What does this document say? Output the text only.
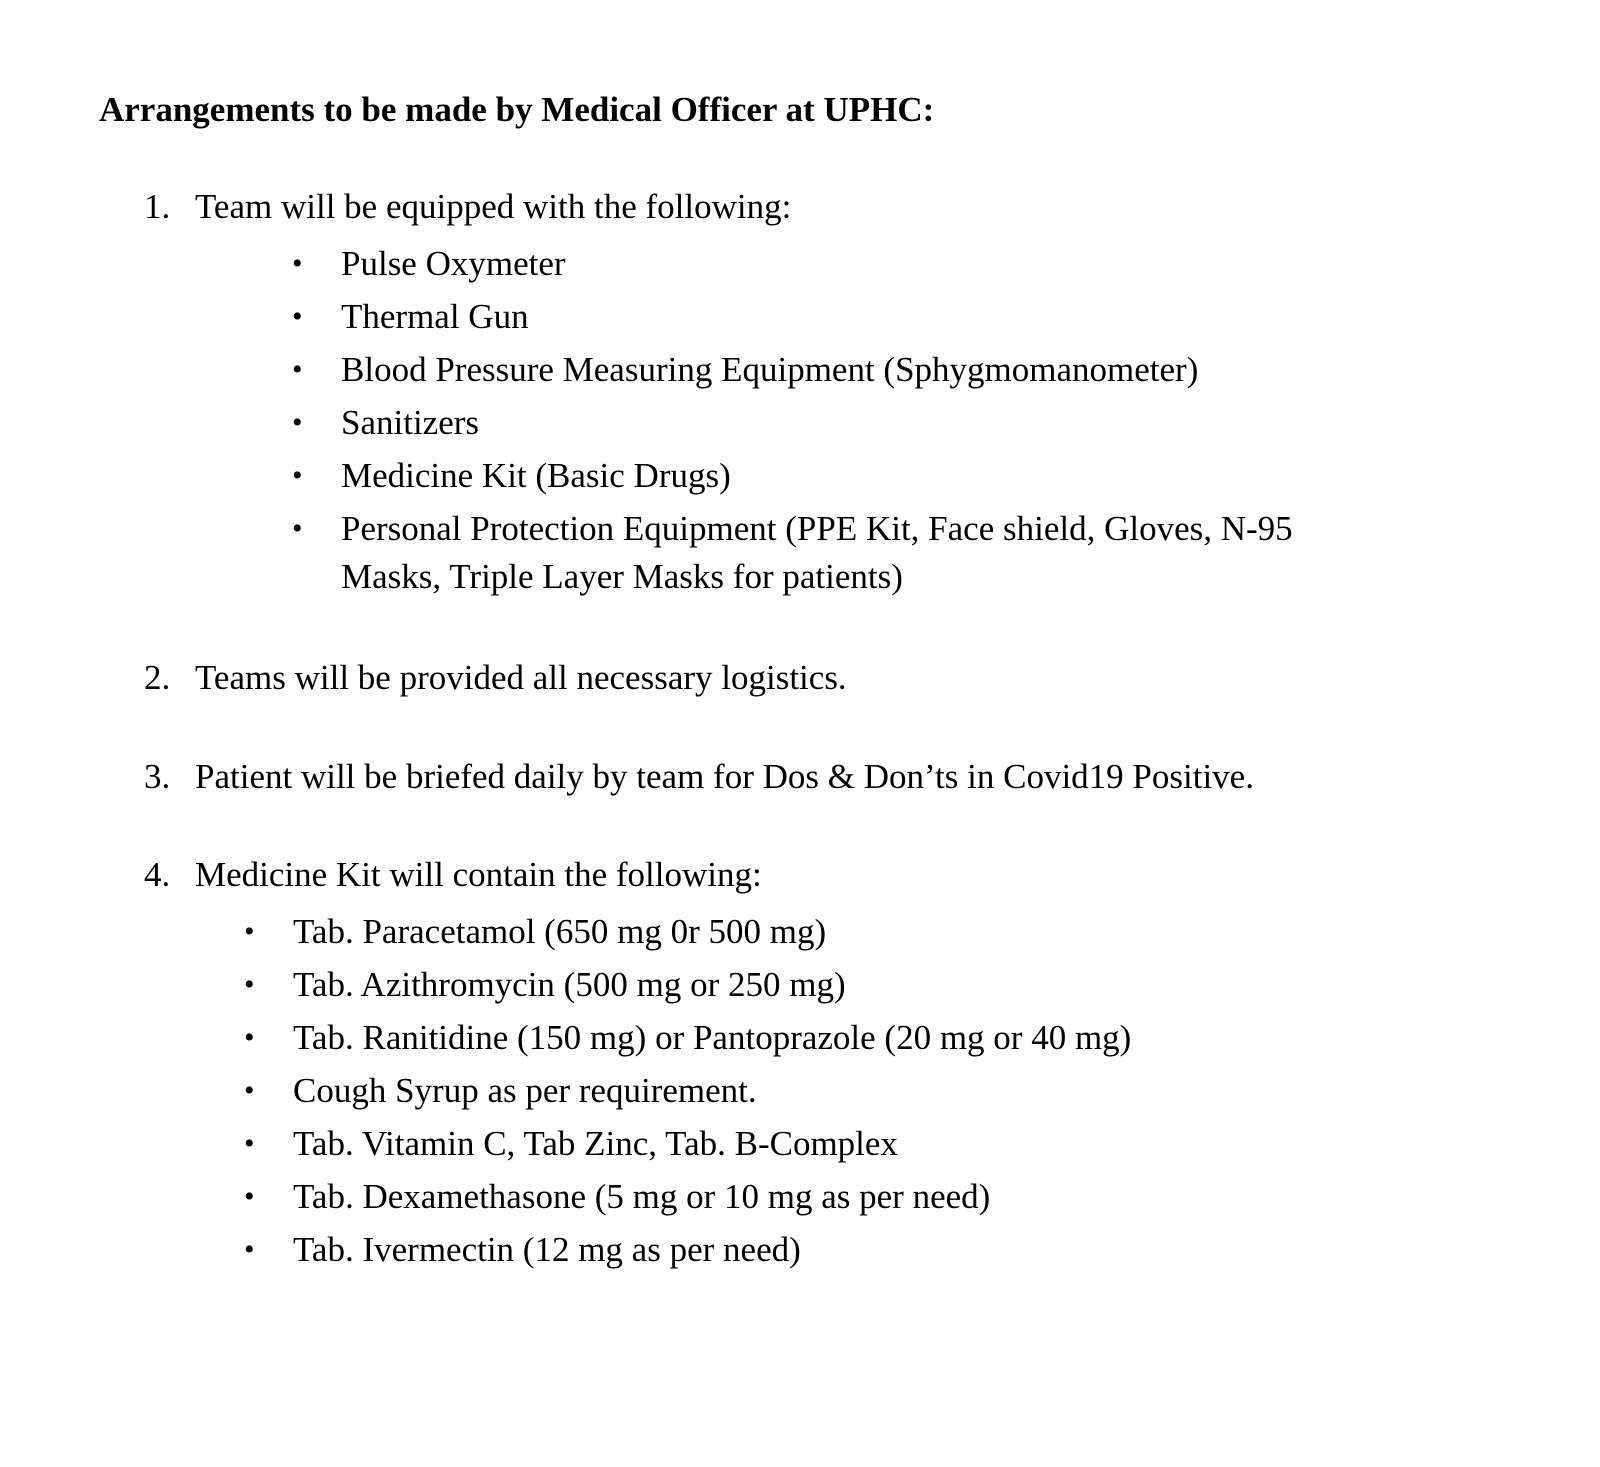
Arrangements to be made by Medical Officer at UPHC:
1. Team will be equipped with the following:
• Pulse Oxymeter
• Thermal Gun
• Blood Pressure Measuring Equipment (Sphygmomanometer)
• Sanitizers
• Medicine Kit (Basic Drugs)
• Personal Protection Equipment (PPE Kit, Face shield, Gloves, N-95 Masks, Triple Layer Masks for patients)
2. Teams will be provided all necessary logistics.
3. Patient will be briefed daily by team for Dos & Don’ts in Covid19 Positive.
4. Medicine Kit will contain the following:
• Tab. Paracetamol (650 mg 0r 500 mg)
• Tab. Azithromycin (500 mg or 250 mg)
• Tab. Ranitidine (150 mg) or Pantoprazole (20 mg or 40 mg)
• Cough Syrup as per requirement.
• Tab. Vitamin C, Tab Zinc, Tab. B-Complex
• Tab. Dexamethasone (5 mg or 10 mg as per need)
• Tab. Ivermectin (12 mg as per need)
